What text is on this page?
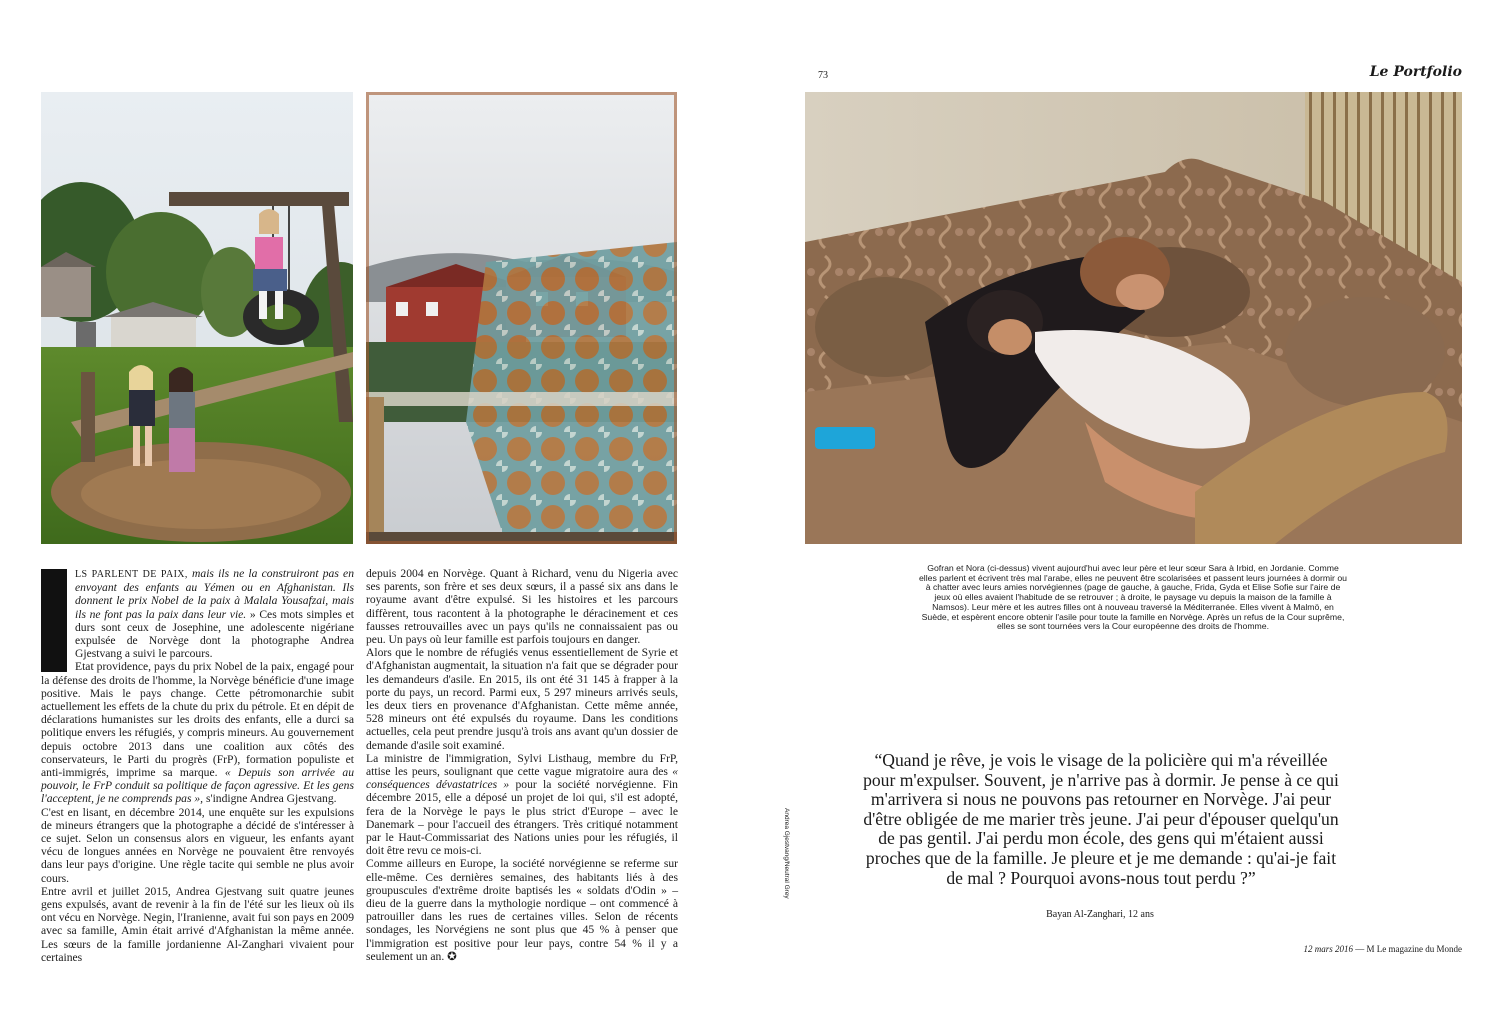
LS PARLENT DE PAIX, mais ils ne la construiront pas en envoyant des enfants au Yémen ou en Afghanistan. Ils donnent le prix Nobel de la paix à Malala Yousafzai, mais ils ne font pas la paix dans leur vie. » Ces mots simples et durs sont ceux de Josephine, une adolescente nigériane expulsée de Norvège dont la photographe Andrea Gjestvang a suivi le parcours.

Etat providence, pays du prix Nobel de la paix, engagé pour la défense des droits de l'homme, la Norvège bénéficie d'une image positive. Mais le pays change. Cette pétromonarchie subit actuellement les effets de la chute du prix du pétrole. Et en dépit de déclarations humanistes sur les droits des enfants, elle a durci sa politique envers les réfugiés, y compris mineurs. Au gouvernement depuis octobre 2013 dans une coalition aux côtés des conservateurs, le Parti du progrès (FrP), formation populiste et anti-immigrés, imprime sa marque. « Depuis son arrivée au pouvoir, le FrP conduit sa politique de façon agressive. Et les gens l'acceptent, je ne comprends pas », s'indigne Andrea Gjestvang.

C'est en lisant, en décembre 2014, une enquête sur les expulsions de mineurs étrangers que la photographe a décidé de s'intéresser à ce sujet. Selon un consensus alors en vigueur, les enfants ayant vécu de longues années en Norvège ne pouvaient être renvoyés dans leur pays d'origine. Une règle tacite qui semble ne plus avoir cours.

Entre avril et juillet 2015, Andrea Gjestvang suit quatre jeunes gens expulsés, avant de revenir à la fin de l'été sur les lieux où ils ont vécu en Norvège. Negin, l'Iranienne, avait fui son pays en 2009 avec sa famille, Amin était arrivé d'Afghanistan la même année. Les sœurs de la famille jordanienne Al-Zanghari vivaient pour certaines

depuis 2004 en Norvège. Quant à Richard, venu du Nigeria avec ses parents, son frère et ses deux sœurs, il a passé six ans dans le royaume avant d'être expulsé. Si les histoires et les parcours diffèrent, tous racontent à la photographe le déracinement et ces fausses retrouvailles avec un pays qu'ils ne connaissaient pas ou peu. Un pays où leur famille est parfois toujours en danger.

Alors que le nombre de réfugiés venus essentiellement de Syrie et d'Afghanistan augmentait, la situation n'a fait que se dégrader pour les demandeurs d'asile. En 2015, ils ont été 31 145 à frapper à la porte du pays, un record. Parmi eux, 5 297 mineurs arrivés seuls, les deux tiers en provenance d'Afghanistan. Cette même année, 528 mineurs ont été expulsés du royaume. Dans les conditions actuelles, cela peut prendre jusqu'à trois ans avant qu'un dossier de demande d'asile soit examiné.

La ministre de l'immigration, Sylvi Listhaug, membre du FrP, attise les peurs, soulignant que cette vague migratoire aura des « conséquences dévastatrices » pour la société norvégienne. Fin décembre 2015, elle a déposé un projet de loi qui, s'il est adopté, fera de la Norvège le pays le plus strict d'Europe – avec le Danemark – pour l'accueil des étrangers. Très critiqué notamment par le Haut-Commissariat des Nations unies pour les réfugiés, il doit être revu ce mois-ci.

Comme ailleurs en Europe, la société norvégienne se referme sur elle-même. Ces dernières semaines, des habitants liés à des groupuscules d'extrême droite baptisés les « soldats d'Odin » – dieu de la guerre dans la mythologie nordique – ont commencé à patrouiller dans les rues de certaines villes. Selon de récents sondages, les Norvégiens ne sont plus que 45 % à penser que l'immigration est positive pour leur pays, contre 54 % il y a seulement un an. ✪

Andrea Gjestvang/Neutral Grey
73	Le Portfolio
Gofran et Nora (ci-dessus) vivent aujourd'hui avec leur père et leur sœur Sara à Irbid, en Jordanie. Comme elles parlent et écrivent très mal l'arabe, elles ne peuvent être scolarisées et passent leurs journées à dormir ou à chatter avec leurs amies norvégiennes (page de gauche, à gauche, Frida, Gyda et Elise Sofie sur l'aire de jeux où elles avaient l'habitude de se retrouver ; à droite, le paysage vu depuis la maison de la famille à Namsos). Leur mère et les autres filles ont à nouveau traversé la Méditerranée. Elles vivent à Malmö, en Suède, et espèrent encore obtenir l'asile pour toute la famille en Norvège. Après un refus de la Cour suprême, elles se sont tournées vers la Cour européenne des droits de l'homme.
“Quand je rêve, je vois le visage de la policière qui m'a réveillée pour m'expulser. Souvent, je n'arrive pas à dormir. Je pense à ce qui m'arrivera si nous ne pouvons pas retourner en Norvège. J'ai peur d'être obligée de me marier très jeune. J'ai peur d'épouser quelqu'un de pas gentil. J'ai perdu mon école, des gens qui m'étaient aussi proches que de la famille. Je pleure et je me demande : qu'ai-je fait de mal ? Pourquoi avons-nous tout perdu ?”
Bayan Al-Zanghari, 12 ans
12 mars 2016 — M Le magazine du Monde
